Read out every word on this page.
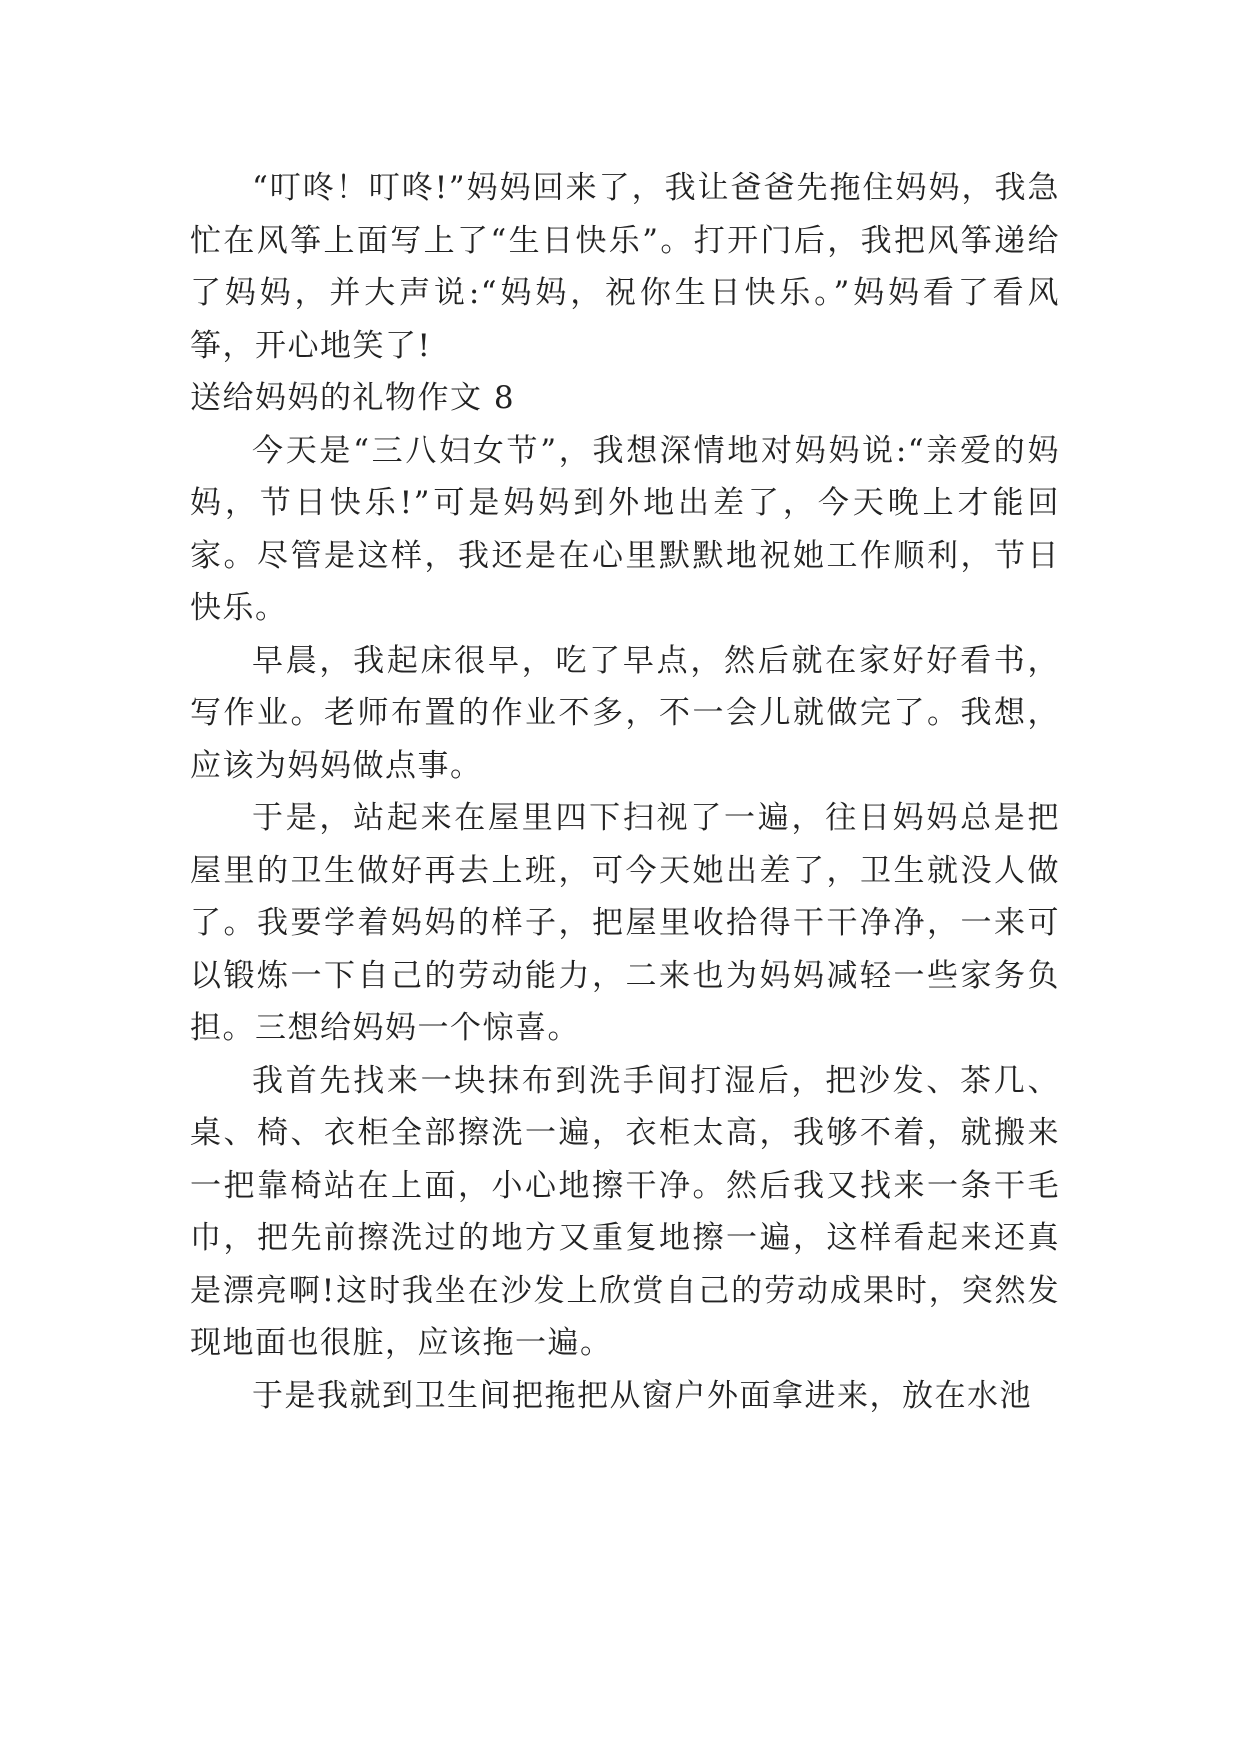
“叮咚！叮咚!”妈妈回来了，我让爸爸先拖住妈妈，我急忙在风筝上面写上了“生日快乐”。打开门后，我把风筝递给了妈妈，并大声说:“妈妈，祝你生日快乐。”妈妈看了看风筝，开心地笑了!

送给妈妈的礼物作文 8

今天是“三八妇女节”，我想深情地对妈妈说:“亲爱的妈妈，节日快乐!”可是妈妈到外地出差了，今天晚上才能回家。尽管是这样，我还是在心里默默地祝她工作顺利，节日快乐。

早晨，我起床很早，吃了早点，然后就在家好好看书，写作业。老师布置的作业不多，不一会儿就做完了。我想，应该为妈妈做点事。

于是，站起来在屋里四下扫视了一遍，往日妈妈总是把屋里的卫生做好再去上班，可今天她出差了，卫生就没人做了。我要学着妈妈的样子，把屋里收拾得干干净净，一来可以锻炼一下自己的劳动能力，二来也为妈妈减轻一些家务负担。三想给妈妈一个惊喜。

我首先找来一块抹布到洗手间打湿后，把沙发、茶几、桌、椅、衣柜全部擦洗一遍，衣柜太高，我够不着，就搬来一把靠椅站在上面，小心地擦干净。然后我又找来一条干毛巾，把先前擦洗过的地方又重复地擦一遍，这样看起来还真是漂亮啊!这时我坐在沙发上欣赏自己的劳动成果时，突然发现地面也很脏，应该拖一遍。

于是我就到卫生间把拖把从窗户外面拿进来，放在水池
